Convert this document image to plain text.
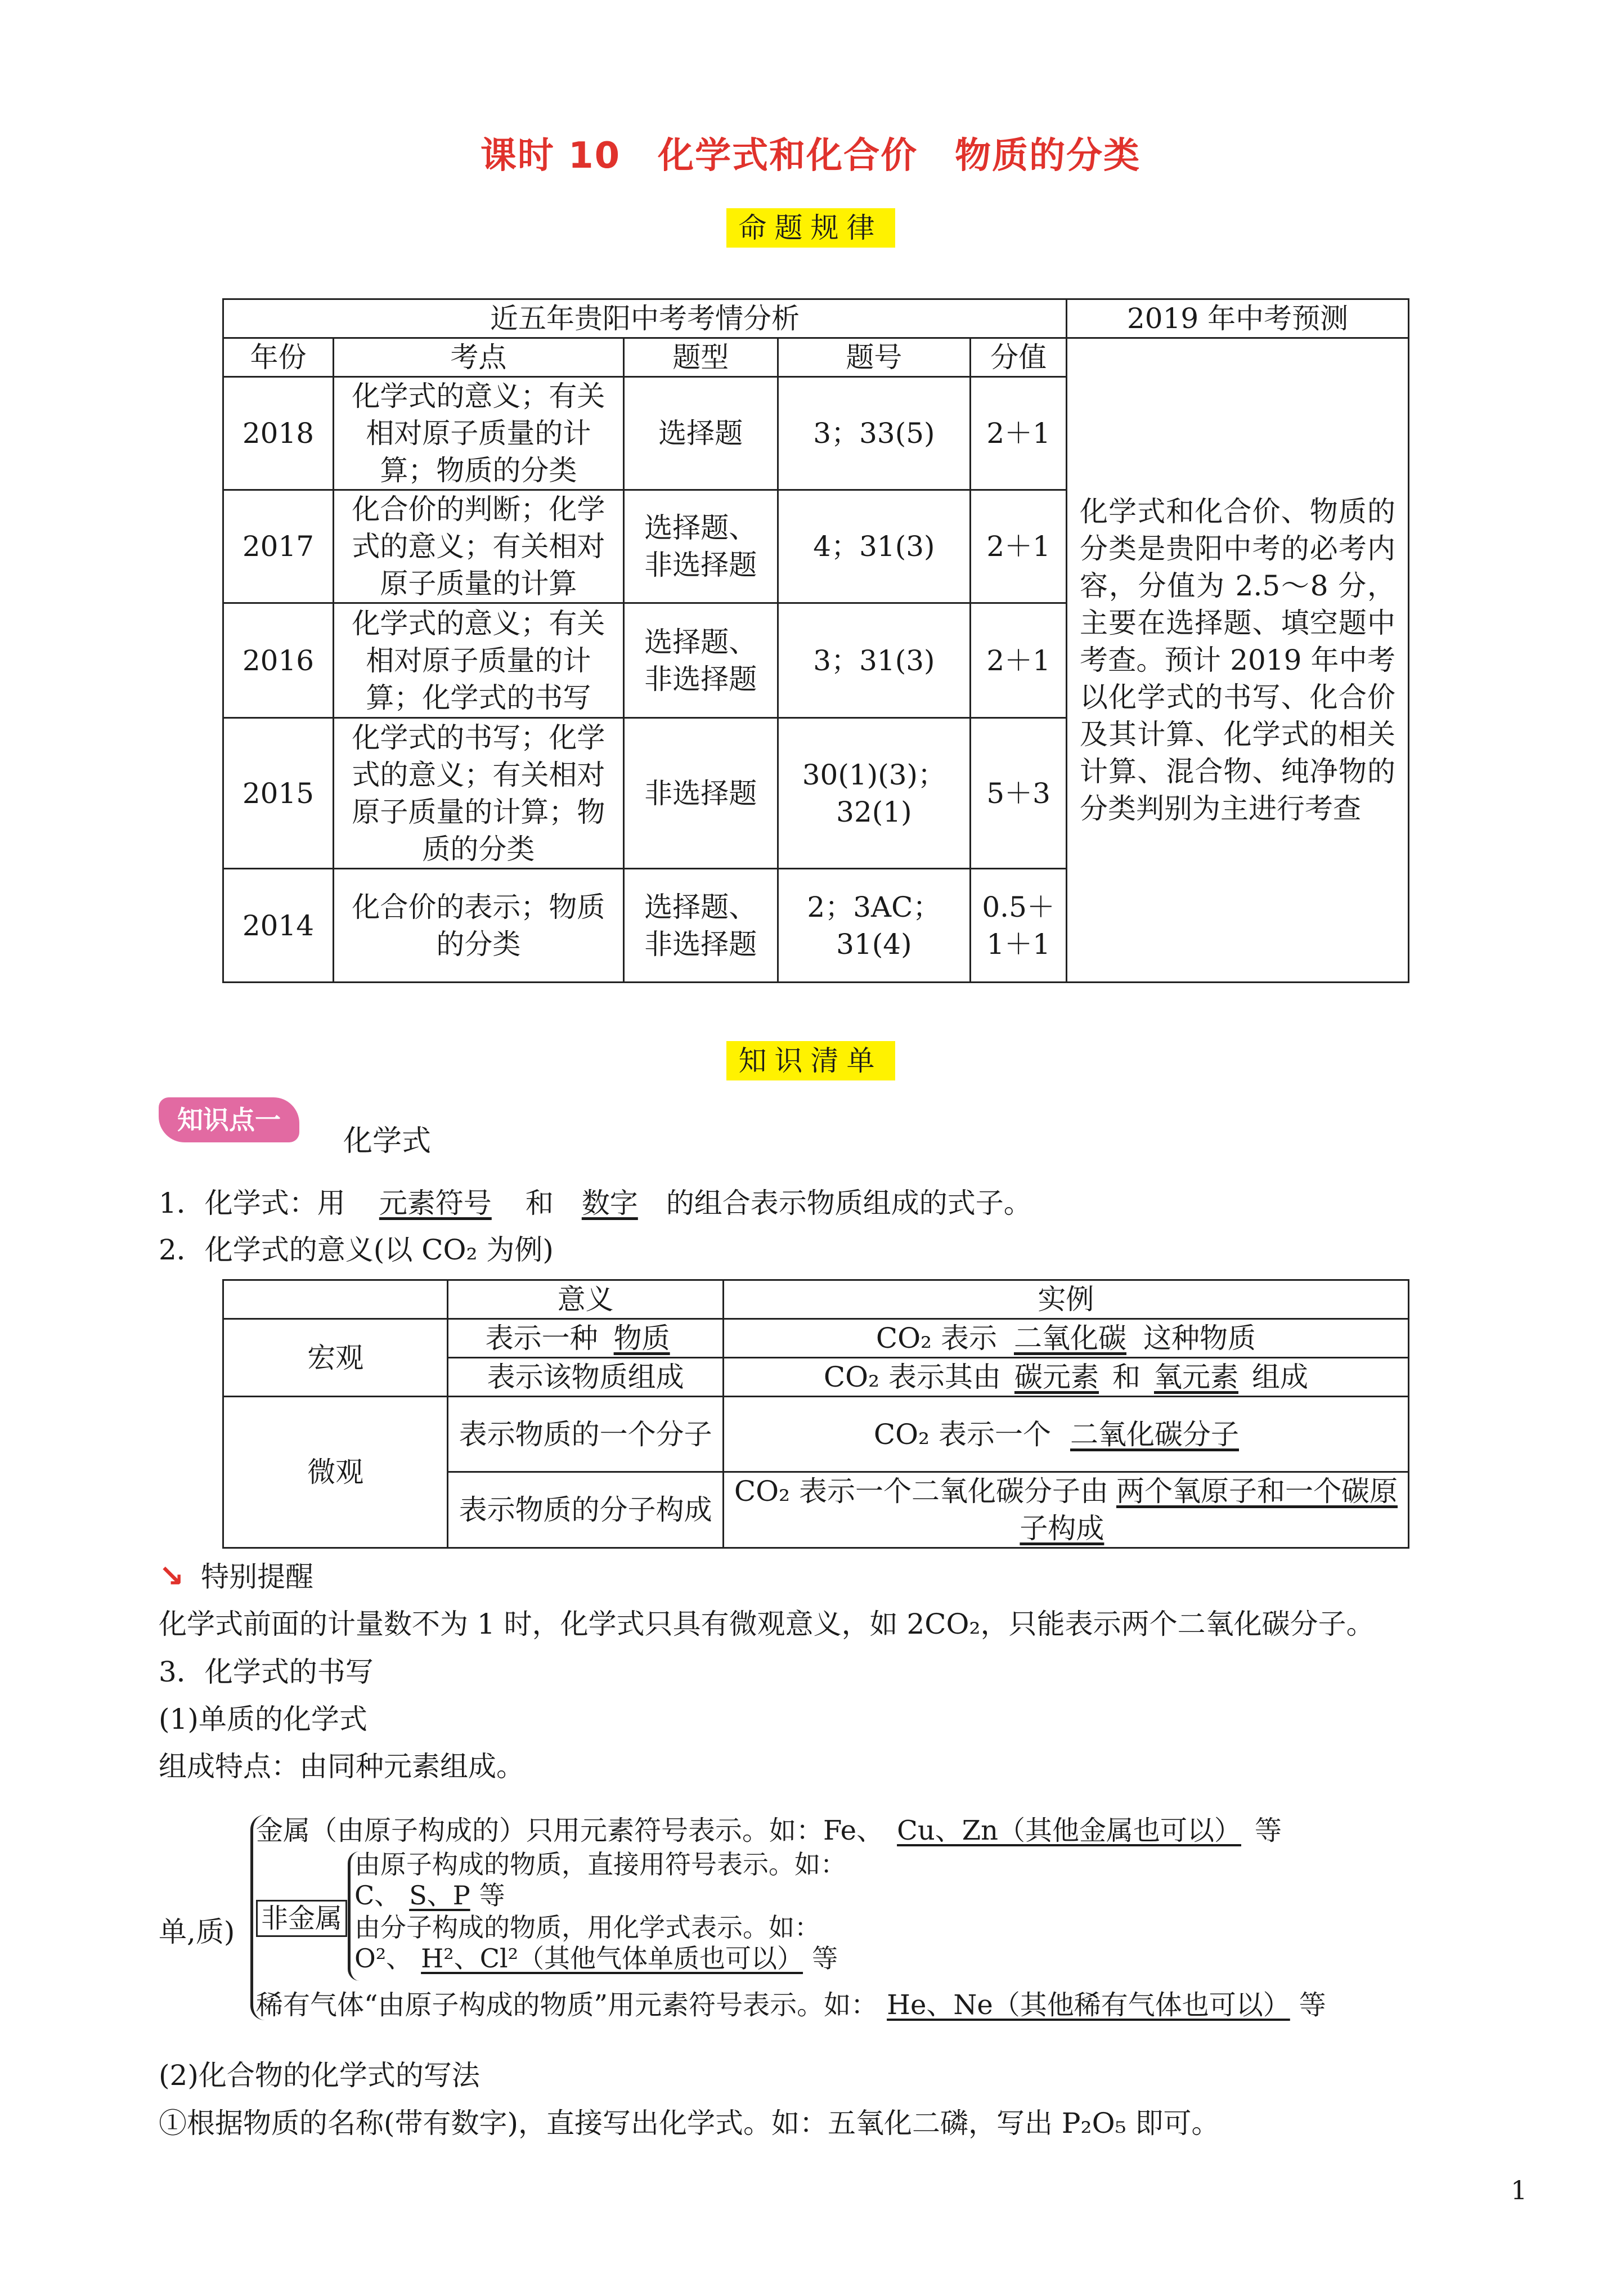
课时 10　化学式和化合价　物质的分类
命题规律
近五年贵阳中考考情分析					2019 年中考预测
年份	考点	题型	题号	分值	化学式和化合价、物质的分类是贵阳中考的必考内容，分值为 2.5～8 分，主要在选择题、填空题中考查。预计 2019 年中考以化学式的书写、化合价及其计算、化学式的相关计算、混合物、纯净物的分类判别为主进行考查
2018	化学式的意义；有关相对原子质量的计算；物质的分类	选择题	3；33(5)	2＋1	
2017	化合价的判断；化学式的意义；有关相对原子质量的计算	选择题、非选择题	4；31(3)	2＋1	
2016	化学式的意义；有关相对原子质量的计算；化学式的书写	选择题、非选择题	3；31(3)	2＋1	
2015	化学式的书写；化学式的意义；有关相对原子质量的计算；物质的分类	非选择题	30(1)(3)；32(1)	5＋3	
2014	化合价的表示；物质的分类	选择题、非选择题	2；3AC；31(4)	0.5＋1＋1	
知识清单
知识点一
化学式
1．化学式：用 元素符号 和 数字 的组合表示物质组成的式子。
2．化学式的意义(以 CO₂ 为例)
	意义	实例
宏观	表示一种 物质	CO₂ 表示 二氧化碳 这种物质
	表示该物质组成	CO₂ 表示其由 碳元素 和 氧元素 组成
微观	表示物质的一个分子	CO₂ 表示一个 二氧化碳分子
	表示物质的分子构成	CO₂ 表示一个二氧化碳分子由 两个氧原子和一个碳原子构成
↘ 特别提醒
化学式前面的计量数不为 1 时，化学式只具有微观意义，如 2CO₂，只能表示两个二氧化碳分子。
3．化学式的书写
(1)单质的化学式
组成特点：由同种元素组成。
单,质)
金属（由原子构成的）只用元素符号表示。如：Fe、 Cu、Zn（其他金属也可以） 等
非金属
由原子构成的物质，直接用符号表示。如：
C、 S、P 等
由分子构成的物质，用化学式表示。如：
O²、 H²、Cl²（其他气体单质也可以） 等
稀有气体“由原子构成的物质”用元素符号表示。如： He、Ne（其他稀有气体也可以） 等
(2)化合物的化学式的写法
①根据物质的名称(带有数字)，直接写出化学式。如：五氧化二磷，写出 P₂O₅ 即可。
1
